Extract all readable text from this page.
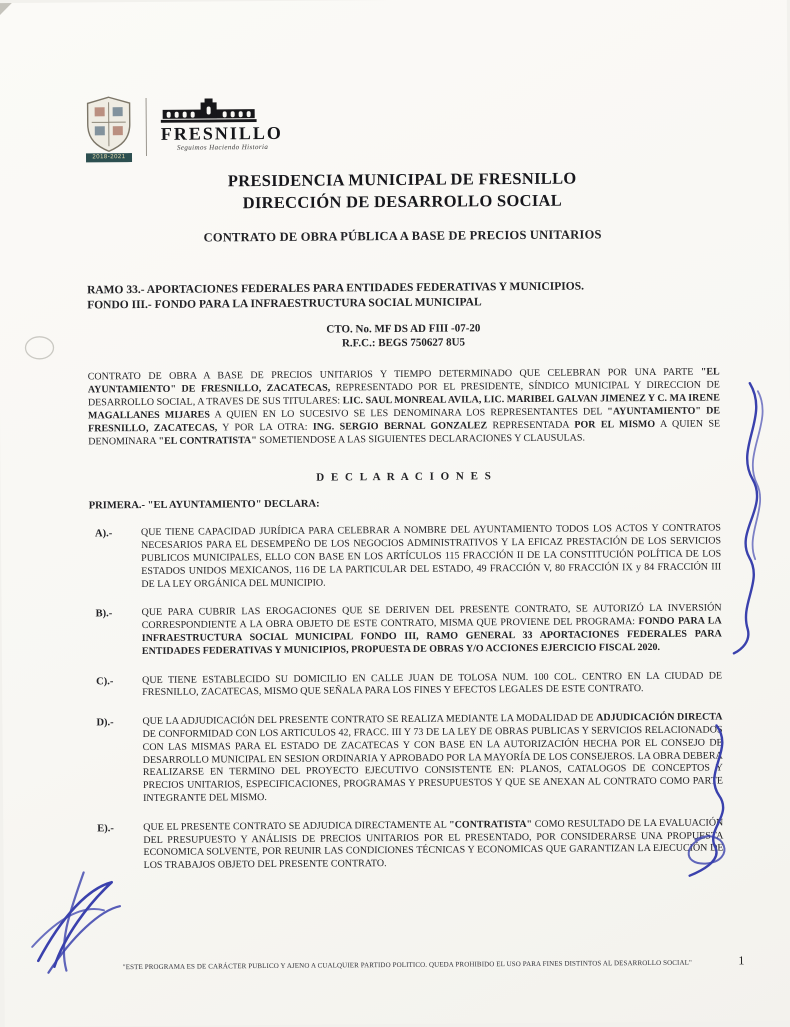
2018-2021
FRESNILLO
Seguimos Haciendo Historia
PRESIDENCIA MUNICIPAL DE FRESNILLO
DIRECCIÓN DE DESARROLLO SOCIAL
CONTRATO DE OBRA PÚBLICA A BASE DE PRECIOS UNITARIOS
RAMO 33.- APORTACIONES FEDERALES PARA ENTIDADES FEDERATIVAS Y MUNICIPIOS.
FONDO III.- FONDO PARA LA INFRAESTRUCTURA SOCIAL MUNICIPAL
CTO. No. MF DS AD FIII -07-20
R.F.C.: BEGS 750627 8U5

CONTRATO DE OBRA A BASE DE PRECIOS UNITARIOS Y TIEMPO DETERMINADO QUE CELEBRAN POR UNA PARTE "EL AYUNTAMIENTO" DE FRESNILLO, ZACATECAS, REPRESENTADO POR EL PRESIDENTE, SÍNDICO MUNICIPAL Y DIRECCION DE DESARROLLO SOCIAL, A TRAVES DE SUS TITULARES: LIC. SAUL MONREAL AVILA, LIC. MARIBEL GALVAN JIMENEZ Y C. MA IRENE MAGALLANES MIJARES A QUIEN EN LO SUCESIVO SE LES DENOMINARA LOS REPRESENTANTES DEL "AYUNTAMIENTO" DE FRESNILLO, ZACATECAS, Y POR LA OTRA: ING. SERGIO BERNAL GONZALEZ REPRESENTADA POR EL MISMO A QUIEN SE DENOMINARA "EL CONTRATISTA" SOMETIENDOSE A LAS SIGUIENTES DECLARACIONES Y CLAUSULAS.

D E C L A R A C I O N E S
PRIMERA.- "EL AYUNTAMIENTO" DECLARA:
A).-	QUE TIENE CAPACIDAD JURÍDICA PARA CELEBRAR A NOMBRE DEL AYUNTAMIENTO TODOS LOS ACTOS Y CONTRATOS NECESARIOS PARA EL DESEMPEÑO DE LOS NEGOCIOS ADMINISTRATIVOS Y LA EFICAZ PRESTACIÓN DE LOS SERVICIOS PUBLICOS MUNICIPALES, ELLO CON BASE EN LOS ARTÍCULOS 115 FRACCIÓN II DE LA CONSTITUCIÓN POLÍTICA DE LOS ESTADOS UNIDOS MEXICANOS, 116 DE LA PARTICULAR DEL ESTADO, 49 FRACCIÓN V, 80 FRACCIÓN IX y 84 FRACCIÓN III DE LA LEY ORGÁNICA DEL MUNICIPIO.

B).-	QUE PARA CUBRIR LAS EROGACIONES QUE SE DERIVEN DEL PRESENTE CONTRATO, SE AUTORIZÓ LA INVERSIÓN CORRESPONDIENTE A LA OBRA OBJETO DE ESTE CONTRATO, MISMA QUE PROVIENE DEL PROGRAMA: FONDO PARA LA INFRAESTRUCTURA SOCIAL MUNICIPAL FONDO III, RAMO GENERAL 33 APORTACIONES FEDERALES PARA ENTIDADES FEDERATIVAS Y MUNICIPIOS, PROPUESTA DE OBRAS Y/O ACCIONES EJERCICIO FISCAL 2020.

C).-	QUE TIENE ESTABLECIDO SU DOMICILIO EN CALLE JUAN DE TOLOSA NUM. 100 COL. CENTRO EN LA CIUDAD DE FRESNILLO, ZACATECAS, MISMO QUE SEÑALA PARA LOS FINES Y EFECTOS LEGALES DE ESTE CONTRATO.

D).-	QUE LA ADJUDICACIÓN DEL PRESENTE CONTRATO SE REALIZA MEDIANTE LA MODALIDAD DE ADJUDICACIÓN DIRECTA DE CONFORMIDAD CON LOS ARTICULOS 42, FRACC. III Y 73 DE LA LEY DE OBRAS PUBLICAS Y SERVICIOS RELACIONADOS CON LAS MISMAS PARA EL ESTADO DE ZACATECAS Y CON BASE EN LA AUTORIZACIÓN HECHA POR EL CONSEJO DE DESARROLLO MUNICIPAL EN SESION ORDINARIA Y APROBADO POR LA MAYORÍA DE LOS CONSEJEROS. LA OBRA DEBERA REALIZARSE EN TERMINO DEL PROYECTO EJECUTIVO CONSISTENTE EN: PLANOS, CATALOGOS DE CONCEPTOS Y PRECIOS UNITARIOS, ESPECIFICACIONES, PROGRAMAS Y PRESUPUESTOS Y QUE SE ANEXAN AL CONTRATO COMO PARTE INTEGRANTE DEL MISMO.

E).-	QUE EL PRESENTE CONTRATO SE ADJUDICA DIRECTAMENTE AL "CONTRATISTA" COMO RESULTADO DE LA EVALUACIÓN DEL PRESUPUESTO Y ANÁLISIS DE PRECIOS UNITARIOS POR EL PRESENTADO, POR CONSIDERARSE UNA PROPUESTA ECONOMICA SOLVENTE, POR REUNIR LAS CONDICIONES TÉCNICAS Y ECONOMICAS QUE GARANTIZAN LA EJECUCIÓN DE LOS TRABAJOS OBJETO DEL PRESENTE CONTRATO.

"ESTE PROGRAMA ES DE CARÁCTER PUBLICO Y AJENO A CUALQUIER PARTIDO POLITICO. QUEDA PROHIBIDO EL USO PARA FINES DISTINTOS AL DESARROLLO SOCIAL"	1
